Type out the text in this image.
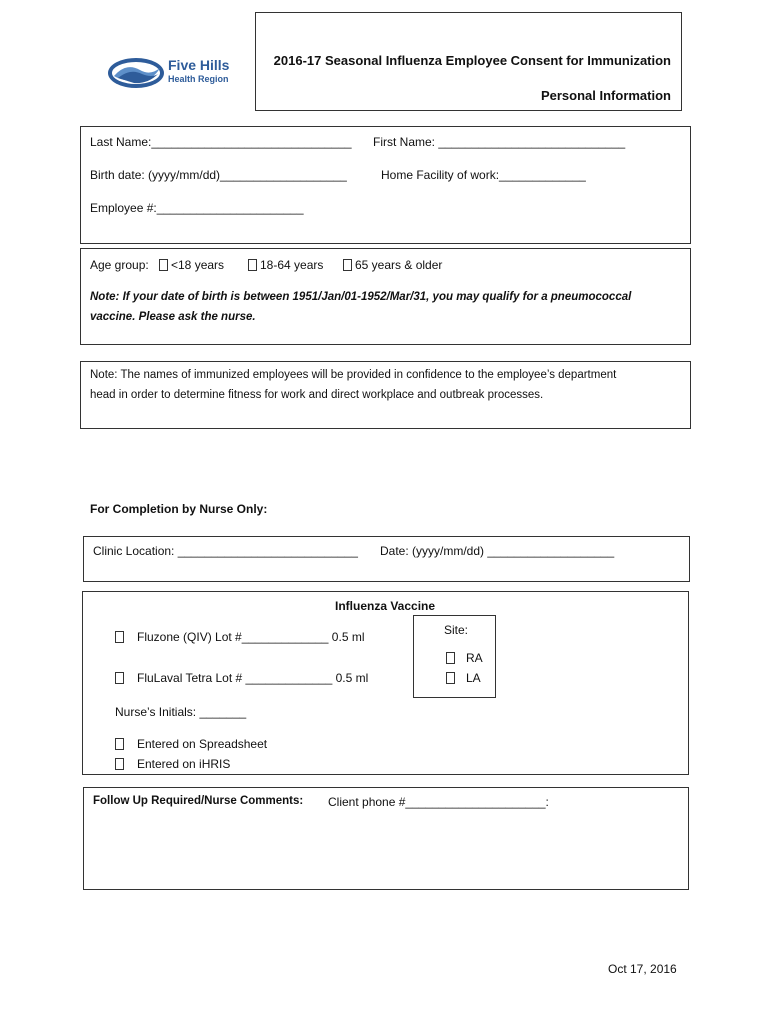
Five Hills
Health Region
2016-17 Seasonal Influenza Employee Consent for Immunization
Personal Information
Last Name:______________________________ First Name: ____________________________
Birth date: (yyyy/mm/dd)___________________	Home Facility of work:_____________
Employee #:______________________
Age group:	<18 years	18-64 years	65 years & older
Note: If your date of birth is between 1951/Jan/01-1952/Mar/31, you may qualify for a pneumococcal
vaccine. Please ask the nurse.
Note: The names of immunized employees will be provided in confidence to the employee’s department
head in order to determine fitness for work and direct workplace and outbreak processes.
For Completion by Nurse Only:
Clinic Location: ___________________________ Date: (yyyy/mm/dd) ___________________
Influenza Vaccine
Fluzone (QIV) Lot #_____________ 0.5 ml
FluLaval Tetra Lot # _____________ 0.5 ml
Site:
RA
LA
Nurse’s Initials: _______
Entered on Spreadsheet
Entered on iHRIS
Follow Up Required/Nurse Comments: Client phone #_____________________:
Oct 17, 2016
